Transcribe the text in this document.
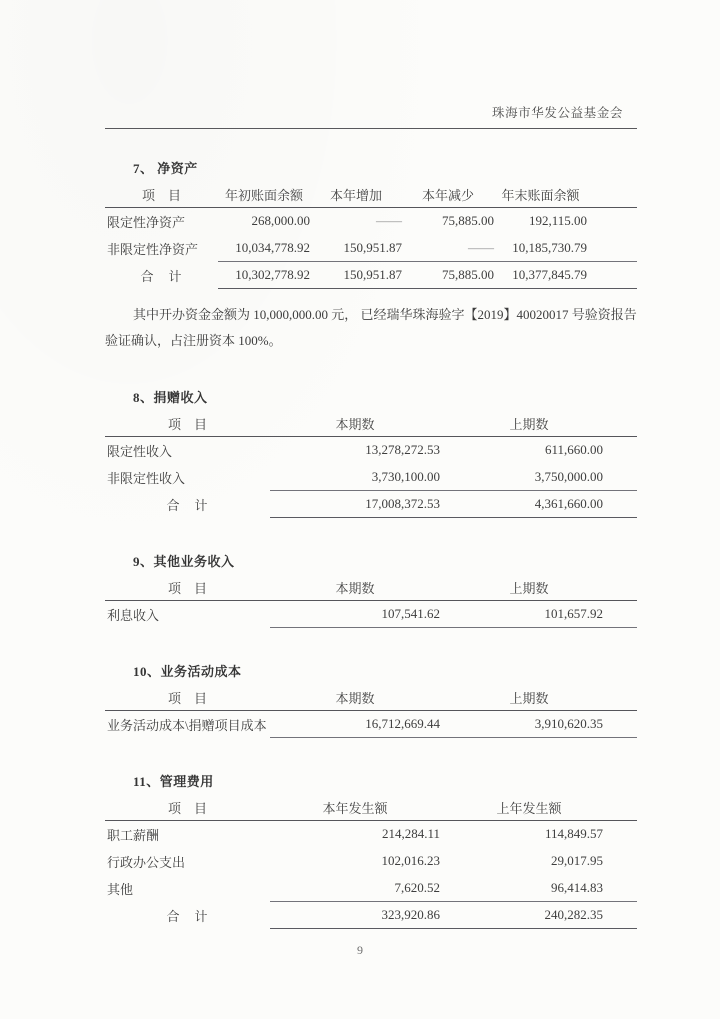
珠海市华发公益基金会
7、 净资产
项　目	年初账面余额	本年增加	本年减少	年末账面余额
限定性净资产	268,000.00	——	75,885.00	192,115.00
非限定性净资产	10,034,778.92	150,951.87	——	10,185,730.79
合　计	10,302,778.92	150,951.87	75,885.00	10,377,845.79

其中开办资金金额为 10,000,000.00 元， 已经瑞华珠海验字【2019】40020017 号验资报告验证确认，占注册资本 100%。

8、捐赠收入
项　目	本期数	上期数
限定性收入	13,278,272.53	611,660.00
非限定性收入	3,730,100.00	3,750,000.00
合　计	17,008,372.53	4,361,660.00
9、其他业务收入
项　目	本期数	上期数
利息收入	107,541.62	101,657.92
10、业务活动成本
项　目	本期数	上期数
业务活动成本\捐赠项目成本	16,712,669.44	3,910,620.35
11、管理费用
项　目	本年发生额	上年发生额
职工薪酬	214,284.11	114,849.57
行政办公支出	102,016.23	29,017.95
其他	7,620.52	96,414.83
合　计	323,920.86	240,282.35
9
